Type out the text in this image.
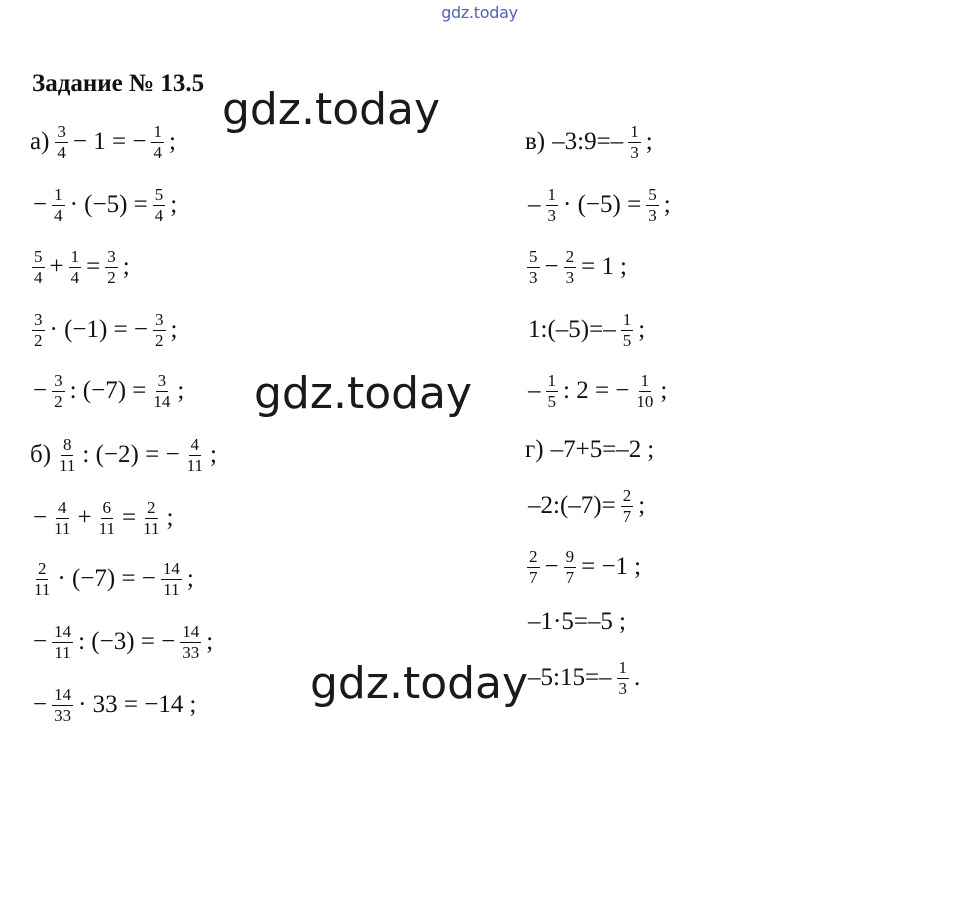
gdz.today
Задание № 13.5
$а) \frac{3}{4} - 1$ = − $\frac{1}{4}$ ;
− $\frac{1}{4} \cdot (-5) = \frac{5}{4}$ ;
$\frac{5}{4} + \frac{1}{4} = \frac{3}{2}$ ;
$\frac{3}{2} \cdot (-1)$ = − $\frac{3}{2}$ ;
− $\frac{3}{2}$ : $(-7) = \frac{3}{14}$ ;
$б) \frac{8}{11}$ : (−2) = − $\frac{4}{11}$ ;
− $\frac{4}{11} + \frac{6}{11} = \frac{2}{11}$ ;
$\frac{2}{11} \cdot (-7)$ = − $\frac{14}{11}$ ;
− $\frac{14}{11}$ : (−3) = − $\frac{14}{33}$ ;
− $\frac{14}{33} \cdot 33 = -14$ ;
в) –3:9=– $\frac{1}{3}$ ;
– $\frac{1}{3} \cdot (-5) = \frac{5}{3}$ ;
$\frac{5}{3} - \frac{2}{3} = 1$ ;
1:(–5)=– $\frac{1}{5}$ ;
– $\frac{1}{5}$ : 2 = − $\frac{1}{10}$ ;
г) –7+5=–2 ;
–2:(–7)= $\frac{2}{7}$ ;
$\frac{2}{7} - \frac{9}{7} = -1$ ;
–1·5=–5 ;
–5:15=– $\frac{1}{3}$ .
gdz.today
gdz.today
gdz.today
